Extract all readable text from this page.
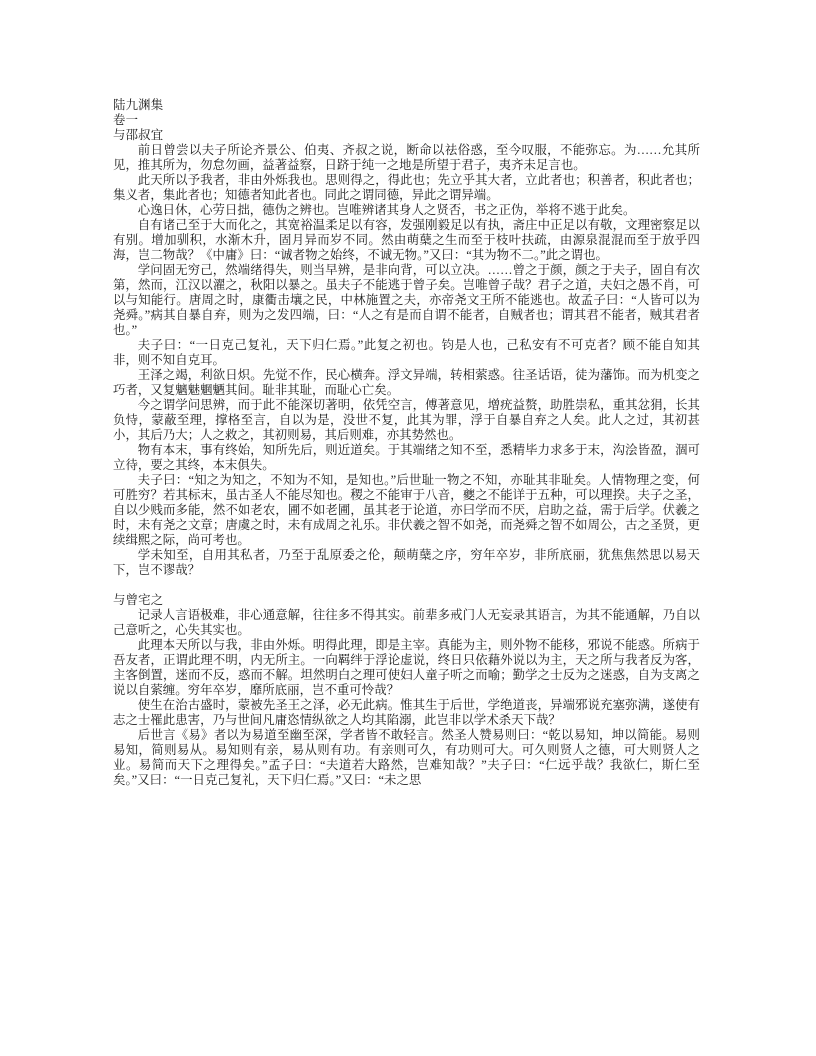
陆九渊集
卷一
与邵叔宜

前日曾尝以夫子所论齐景公、伯夷、齐叔之说，断命以祛俗惑，至今叹服，不能弥忘。为……允其所见，推其所为，勿怠勿画，益著益察，日跻于纯一之地是所望于君子，夷齐未足言也。

此天所以予我者，非由外烁我也。思则得之，得此也；先立乎其大者，立此者也；积善者，积此者也；集义者，集此者也；知德者知此者也。同此之谓同德，异此之谓异端。

心逸日休，心劳日拙，德伪之辨也。岂唯辨诸其身人之贤否，书之正伪，举将不逃于此矣。

自有诸己至于大而化之，其宽裕温柔足以有容，发强刚毅足以有执，斋庄中正足以有敬，文理密察足以有别。增加驯积，水渐木升，固月异而岁不同。然由萌蘖之生而至于枝叶扶疏，由源泉混混而至于放乎四海，岂二物哉？《中庸》曰：“诚者物之始终，不诚无物。”又曰：“其为物不二。”此之谓也。

学问固无穷己，然端绪得失，则当早辨，是非向背，可以立决。……曾之于颜，颜之于夫子，固自有次第，然而，江汉以濯之，秋阳以暴之。虽夫子不能逃于曾子矣。岂唯曾子哉？君子之道，夫妇之愚不肖，可以与知能行。唐周之时，康衢击壤之民，中林施置之夫，亦帝尧文王所不能逃也。故孟子曰：“人皆可以为尧舜。”病其自暴自弃，则为之发四端，曰：“人之有是而自谓不能者，自贼者也；谓其君不能者，贼其君者也。”

夫子曰：“一日克己复礼，天下归仁焉。”此复之初也。钧是人也，己私安有不可克者？顾不能自知其非，则不知自克耳。

王泽之竭，利欲日炽。先觉不作，民心横奔。浮文异端，转相萦惑。往圣话语，徒为藩饰。而为机变之巧者，又复魑魅魍魉其间。耻非其耻，而耻心亡矣。

今之谓学问思辨，而于此不能深切著明，依凭空言，傅著意见，增疣益赘，助胜崇私，重其忿狷，长其负恃，蒙蔽至理，撑格至言，自以为是，没世不复，此其为罪，浮于自暴自弃之人矣。此人之过，其初甚小，其后乃大；人之救之，其初则易，其后则难，亦其势然也。

物有本末，事有终始，知所先后，则近道矣。于其端绪之知不至，悉精毕力求多于末，沟浍皆盈，涸可立待，要之其终，本末俱失。

夫子曰：“知之为知之，不知为不知，是知也。”后世耻一物之不知，亦耻其非耻矣。人情物理之变，何可胜穷？若其标末，虽古圣人不能尽知也。稷之不能审于八音，夔之不能详于五种，可以理揆。夫子之圣，自以少贱而多能，然不如老农，圃不如老圃，虽其老于论道，亦曰学而不厌，启助之益，需于后学。伏羲之时，未有尧之文章；唐虞之时，未有成周之礼乐。非伏羲之智不如尧，而尧舜之智不如周公，古之圣贤，更续缉熙之际，尚可考也。

学未知至，自用其私者，乃至于乱原委之伦，颠萌蘖之序，穷年卒岁，非所底丽，犹焦焦然思以易天下，岂不谬哉？

与曾宅之

记录人言语极难，非心通意解，往往多不得其实。前辈多戒门人无妄录其语言，为其不能通解，乃自以己意听之，心失其实也。

此理本天所以与我，非由外烁。明得此理，即是主宰。真能为主，则外物不能移，邪说不能惑。所病于吾友者，正谓此理不明，内无所主。一向羁绊于浮论虚说，终日只依藉外说以为主，天之所与我者反为客，主客倒置，迷而不反，惑而不解。坦然明白之理可使妇人童子听之而喻；勤学之士反为之迷惑，自为支离之说以自萦缠。穷年卒岁，靡所底丽，岂不重可怜哉？

使生在治古盛时，蒙被先圣王之泽，必无此病。惟其生于后世，学绝道丧，异端邪说充塞弥满，遂使有志之士罹此患害，乃与世间凡庸恣情纵欲之人均其陷溺，此岂非以学术杀天下哉？

后世言《易》者以为易道至幽至深，学者皆不敢轻言。然圣人赞易则曰：“乾以易知，坤以简能。易则易知，简则易从。易知则有亲，易从则有功。有亲则可久，有功则可大。可久则贤人之德，可大则贤人之业。易简而天下之理得矣。”孟子曰：“夫道若大路然，岂难知哉？”夫子曰：“仁远乎哉？我欲仁，斯仁至矣。”又曰：“一日克己复礼，天下归仁焉。”又曰：“未之思
